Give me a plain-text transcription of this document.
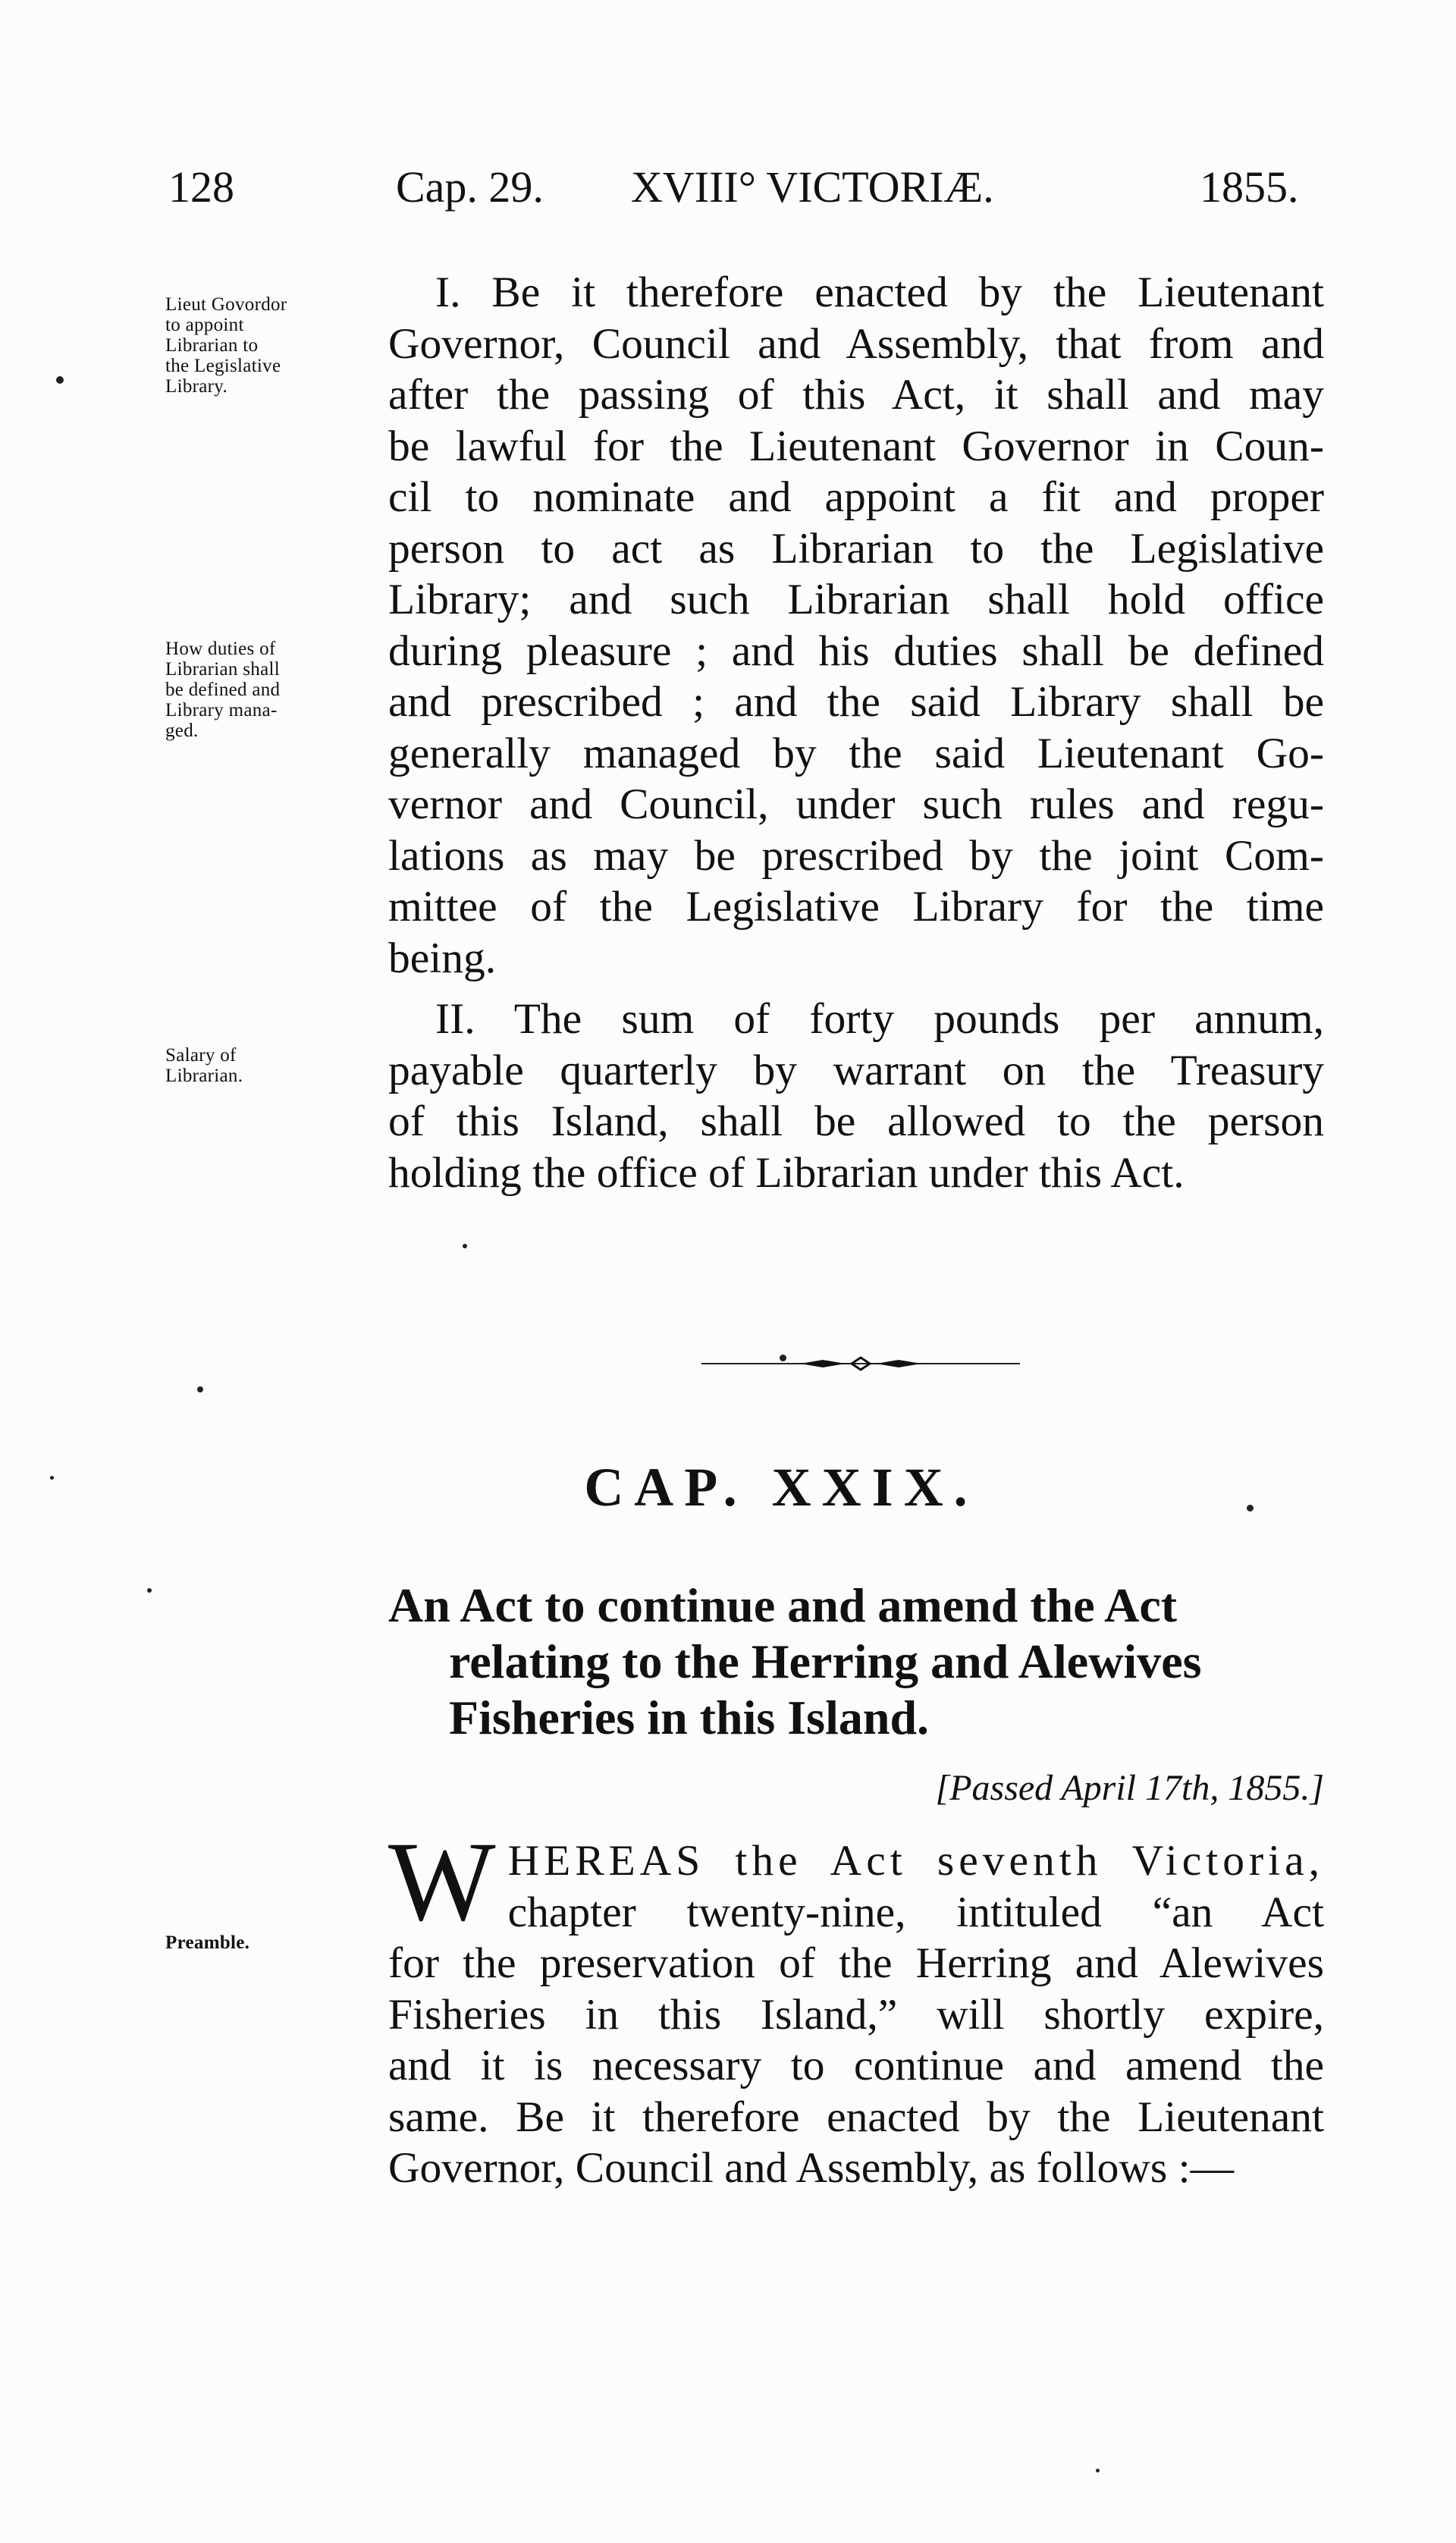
128	Cap. 29. XVIII° VICTORIÆ.	1855.
Lieut Govordor
to appoint
Librarian to
the Legislative
Library.
How duties of
Librarian shall
be defined and
Library mana-
ged.
I. Be it therefore enacted by the Lieutenant
Governor, Council and Assembly, that from and
after the passing of this Act, it shall and may
be lawful for the Lieutenant Governor in Coun-
cil to nominate and appoint a fit and proper
person to act as Librarian to the Legislative
Library; and such Librarian shall hold office
during pleasure ; and his duties shall be defined
and prescribed ; and the said Library shall be
generally managed by the said Lieutenant Go-
vernor and Council, under such rules and regu-
lations as may be prescribed by the joint Com-
mittee of the Legislative Library for the time
being.
Salary of
Librarian.
II. The sum of forty pounds per annum,
payable quarterly by warrant on the Treasury
of this Island, shall be allowed to the person
holding the office of Librarian under this Act.
CAP. XXIX.
An Act to continue and amend the Act
relating to the Herring and Alewives
Fisheries in this Island.
[Passed April 17th, 1855.]
Preamble.	W HEREAS the Act seventh Victoria,
chapter twenty-nine, intituled “an Act
for the preservation of the Herring and Alewives
Fisheries in this Island,” will shortly expire,
and it is necessary to continue and amend the
same. Be it therefore enacted by the Lieutenant
Governor, Council and Assembly, as follows :—
